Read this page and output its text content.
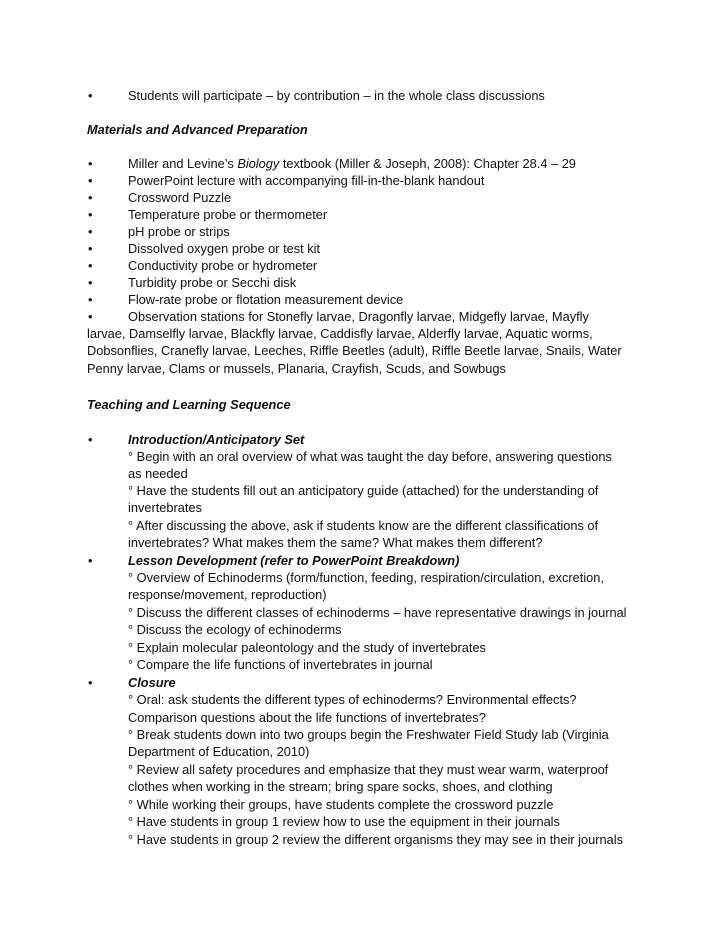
•	Students will participate – by contribution – in the whole class discussions
Materials and Advanced Preparation
•	Miller and Levine’s Biology textbook (Miller & Joseph, 2008): Chapter 28.4 – 29
•	PowerPoint lecture with accompanying fill-in-the-blank handout
•	Crossword Puzzle
•	Temperature probe or thermometer
•	pH probe or strips
•	Dissolved oxygen probe or test kit
•	Conductivity probe or hydrometer
•	Turbidity probe or Secchi disk
•	Flow-rate probe or flotation measurement device
•	Observation stations for Stonefly larvae, Dragonfly larvae, Midgefly larvae, Mayfly
larvae, Damselfly larvae, Blackfly larvae, Caddisfly larvae, Alderfly larvae, Aquatic worms,
Dobsonflies, Cranefly larvae, Leeches, Riffle Beetles (adult), Riffle Beetle larvae, Snails, Water
Penny larvae, Clams or mussels, Planaria, Crayfish, Scuds, and Sowbugs
Teaching and Learning Sequence
•	Introduction/Anticipatory Set
° Begin with an oral overview of what was taught the day before, answering questions
as needed
° Have the students fill out an anticipatory guide (attached) for the understanding of
invertebrates
° After discussing the above, ask if students know are the different classifications of
invertebrates? What makes them the same? What makes them different?
•	Lesson Development (refer to PowerPoint Breakdown)
° Overview of Echinoderms (form/function, feeding, respiration/circulation, excretion,
response/movement, reproduction)
° Discuss the different classes of echinoderms – have representative drawings in journal
° Discuss the ecology of echinoderms
° Explain molecular paleontology and the study of invertebrates
° Compare the life functions of invertebrates in journal
•	Closure
° Oral: ask students the different types of echinoderms? Environmental effects?
Comparison questions about the life functions of invertebrates?
° Break students down into two groups begin the Freshwater Field Study lab (Virginia
Department of Education, 2010)
° Review all safety procedures and emphasize that they must wear warm, waterproof
clothes when working in the stream; bring spare socks, shoes, and clothing
° While working their groups, have students complete the crossword puzzle
° Have students in group 1 review how to use the equipment in their journals
° Have students in group 2 review the different organisms they may see in their journals
